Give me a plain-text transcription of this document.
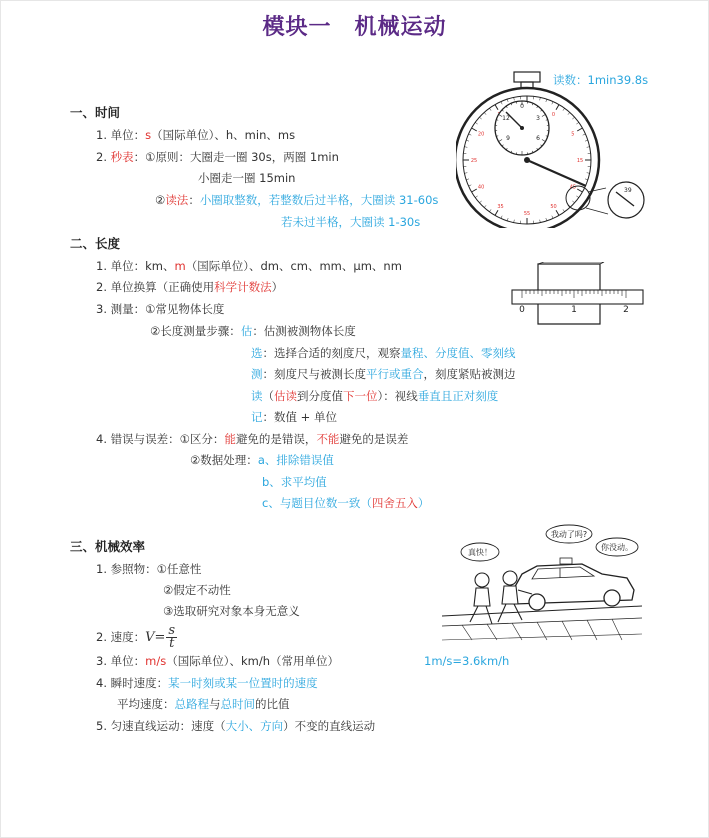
模块一　机械运动
读数：1min39.8s
一、时间
1. 单位：s（国际单位）、h、min、ms
2. 秒表：①原则：大圈走一圈 30s，两圈 1min
小圈走一圈 15min
②读法：小圈取整数，若整数后过半格，大圈读 31-60s
若未过半格，大圈读 1-30s
二、长度
1. 单位：km、m（国际单位）、dm、cm、mm、μm、nm
2. 单位换算（正确使用科学计数法）
3. 测量：①常见物体长度
②长度测量步骤：估：估测被测物体长度
选：选择合适的刻度尺，观察量程、分度值、零刻线
测：刻度尺与被测长度平行或重合，刻度紧贴被测边
读（估读到分度值下一位）：视线垂直且正对刻度
记：数值 + 单位
4. 错误与误差：①区分：能避免的是错误，不能避免的是误差
②数据处理：a、排除错误值
b、求平均值
c、与题目位数一致（四舍五入）
三、机械效率
1. 参照物：①任意性
②假定不动性
③选取研究对象本身无意义
2. 速度：$V= \frac{s}{t}$
3. 单位：m/s（国际单位）、km/h（常用单位）	1m/s=3.6km/h
4. 瞬时速度：某一时刻或某一位置时的速度
平均速度：总路程与总时间的比值
5. 匀速直线运动：速度（大小、方向）不变的直线运动
0
5
15
45
50
55
35
40
25
20
0
3
6
9
12
39
0	1	2
真快！
我动了吗?
你没动。
